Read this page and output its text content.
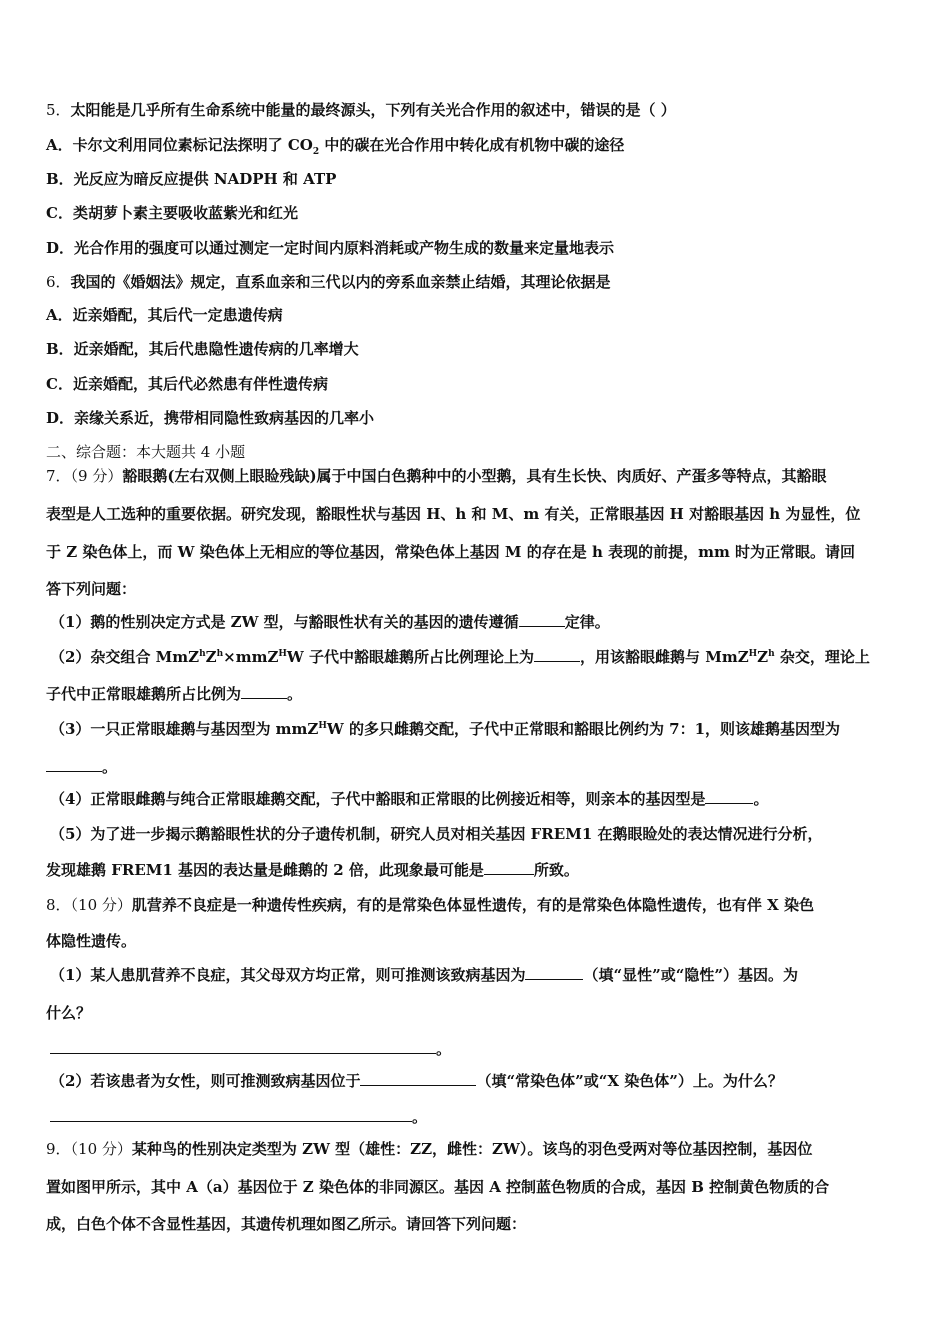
5．太阳能是几乎所有生命系统中能量的最终源头，下列有关光合作用的叙述中，错误的是（ ）
A．卡尔文利用同位素标记法探明了 $CO_2$ 中的碳在光合作用中转化成有机物中碳的途径
B．光反应为暗反应提供 NADPH 和 ATP
C．类胡萝卜素主要吸收蓝紫光和红光
D．光合作用的强度可以通过测定一定时间内原料消耗或产物生成的数量来定量地表示
6．我国的《婚姻法》规定，直系血亲和三代以内的旁系血亲禁止结婚，其理论依据是
A．近亲婚配，其后代一定患遗传病
B．近亲婚配，其后代患隐性遗传病的几率增大
C．近亲婚配，其后代必然患有伴性遗传病
D．亲缘关系近，携带相同隐性致病基因的几率小
二、综合题：本大题共 4 小题
7．（9 分）豁眼鹅(左右双侧上眼睑残缺)属于中国白色鹅种中的小型鹅，具有生长快、肉质好、产蛋多等特点，其豁眼
表型是人工选种的重要依据。研究发现，豁眼性状与基因 H、h 和 M、m 有关，正常眼基因 H 对豁眼基因 h 为显性，位
于 Z 染色体上，而 W 染色体上无相应的等位基因，常染色体上基因 M 的存在是 h 表现的前提，mm 时为正常眼。请回
答下列问题：
（1）鹅的性别决定方式是 ZW 型，与豁眼性状有关的基因的遗传遵循	定律。
（2）杂交组合 $MmZ^hZ^h\times mmZ^HW$ 子代中豁眼雄鹅所占比例理论上为	，用该豁眼雌鹅与 $MmZ^HZ^h$ 杂交，理论上
子代中正常眼雄鹅所占比例为	。
（3）一只正常眼雄鹅与基因型为 mmZ$^H$W 的多只雌鹅交配，子代中正常眼和豁眼比例约为 7：1，则该雄鹅基因型为
。
（4）正常眼雌鹅与纯合正常眼雄鹅交配，子代中豁眼和正常眼的比例接近相等，则亲本的基因型是	。
（5）为了进一步揭示鹅豁眼性状的分子遗传机制，研究人员对相关基因 FREM1 在鹅眼睑处的表达情况进行分析，
发现雄鹅 FREM1 基因的表达量是雌鹅的 2 倍，此现象最可能是	所致。
8．（10 分）肌营养不良症是一种遗传性疾病，有的是常染色体显性遗传，有的是常染色体隐性遗传，也有伴 X 染色
体隐性遗传。
（1）某人患肌营养不良症，其父母双方均正常，则可推测该致病基因为	（填“显性”或“隐性”）基因。为
什么？
。
（2）若该患者为女性，则可推测致病基因位于	（填“常染色体”或“X 染色体”）上。为什么？
。
9．（10 分）某种鸟的性别决定类型为 ZW 型（雄性：ZZ，雌性：ZW）。该鸟的羽色受两对等位基因控制，基因位
置如图甲所示，其中 A（a）基因位于 Z 染色体的非同源区。基因 A 控制蓝色物质的合成，基因 B 控制黄色物质的合
成，白色个体不含显性基因，其遗传机理如图乙所示。请回答下列问题：
